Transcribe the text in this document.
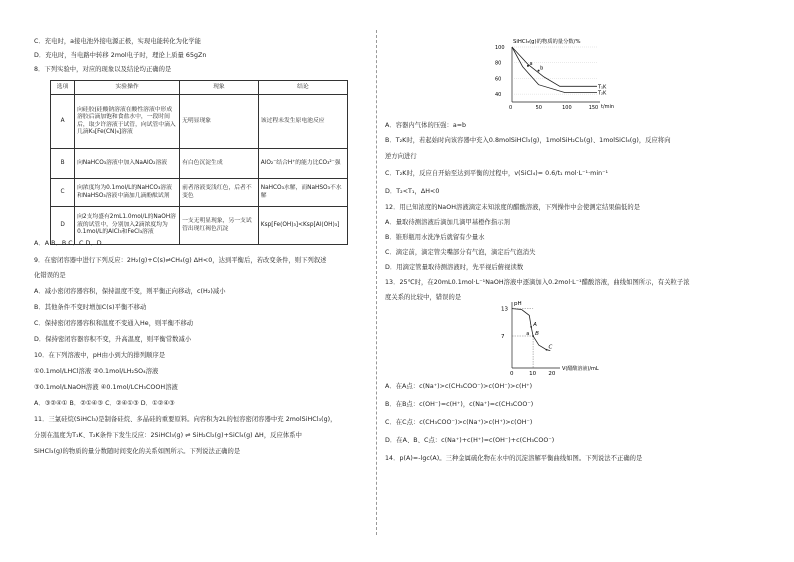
C．充电时，a接电池外接电源正极，实现电能转化为化学能
D．充电时，当电路中转移 2mol电子时，理论上质量 65gZn
8．下列实验中，对应的现象以及结论均正确的是
选项	实验操作	现象	结论
A	向硅胶(硅酸钠溶液在酸性溶液中形成溶胶后滴加饱和食盐水中，一段时间后，取少许溶液于试管，向试管中滴入几滴K₃[Fe(CN)₆]溶液	无明显现象	该过程未发生原电池反应
B	向NaHCO₃溶液中加入NaAlO₂溶液	有白色沉淀生成	AlO₂⁻结合H⁺的能力比CO₃²⁻强
C	向浓度均为0.1mol/L的NaHCO₃溶液和NaHSO₃溶液中滴加几滴酚酞试剂	前者溶液变浅红色，后者不变色	NaHCO₃水解，而NaHSO₃不水解
D	向2支均盛有2mL1.0mol/L的NaOH溶液的试管中，分别加入2滴浓度均为0.1mol/L的AlCl₃和FeCl₃溶液	一支无明显现象，另一支试管出现红褐色沉淀	Ksp[Fe(OH)₃]<Ksp[Al(OH)₃]
A．A B．B C．C D．D
9．在密闭容器中进行下列反应：2H₂(g)+C(s)⇌CH₄(g) ΔH<0，达到平衡后，若改变条件，则下列叙述
化错误的是
A．减小密闭容器容积，保持温度不变，则平衡正向移动，c(H₂)减小
B．其他条件不变时增加C(s)平衡不移动
C．保持密闭容器容积和温度不变通入He，则平衡不移动
D．保持密闭容器容积不变，升高温度，则平衡常数减小
10．在下列溶液中，pH由小到大的排列顺序是
①0.1mol/LHCl溶液 ②0.1mol/LH₂SO₄溶液
③0.1mol/LNaOH溶液 ④0.1mol/LCH₃COOH溶液
A．③②④① B．②①④③ C．②④①③ D．①②④③
11．三氯硅烷(SiHCl₃)是制备硅烷、多晶硅的重要原料。向容积为2L的恒容密闭容器中充 2molSiHCl₃(g)，
分别在温度为T₁K、T₂K条件下发生反应：2SiHCl₃(g) ⇌ SiH₂Cl₂(g)+SiCl₄(g) ΔH，反应体系中
SiHCl₃(g)的物质的量分数随时间变化的关系如图所示。下列说法正确的是
SiHCl₃(g)的物质的量分数/%
100
80
60
40
0	50	100	150
T₁K
T₂K
a
b
t/min
A．容器内气体的压强：a=b
B．T₂K时，若起始时向该容器中充入0.8molSiHCl₃(g)，1molSiH₂Cl₂(g)、1molSiCl₄(g)，反应将向
逆方向进行
C．T₂K时，反应自开始至达到平衡的过程中，v(SiCl₄)= 0.6/t₁ mol·L⁻¹·min⁻¹
D．T₂<T₁，ΔH<0
12．用已知浓度的NaOH溶液滴定未知浓度的醋酸溶液，下列操作中会使测定结果偏低的是
A．量取待测溶液后滴加几滴甲基橙作指示剂
B．锥形瓶用水洗净后就留有少量水
C．滴定前，滴定管尖嘴部分有气泡，滴定后气泡消失
D．用滴定管量取待测溶液时，先平视后俯视读数
13．25℃时，在20mL0.1mol·L⁻¹NaOH溶液中逐滴加入0.2mol·L⁻¹醋酸溶液，曲线如图所示，有关粒子浓
度关系的比较中，错误的是
pH
13
7
0	10 20
A
B
C
a
V(醋酸溶液)/mL
A．在A点：c(Na⁺)>c(CH₃COO⁻)>c(OH⁻)>c(H⁺)
B．在B点：c(OH⁻)=c(H⁺)，c(Na⁺)=c(CH₃COO⁻)
C．在C点：c(CH₃COO⁻)>c(Na⁺)>c(H⁺)>c(OH⁻)
D．在A、B、C点：c(Na⁺)+c(H⁺)=c(OH⁻)+c(CH₃COO⁻)
14．p(A)=-lgc(A)。三种金属硫化物在水中的沉淀溶解平衡曲线如图。下列说法不正确的是
